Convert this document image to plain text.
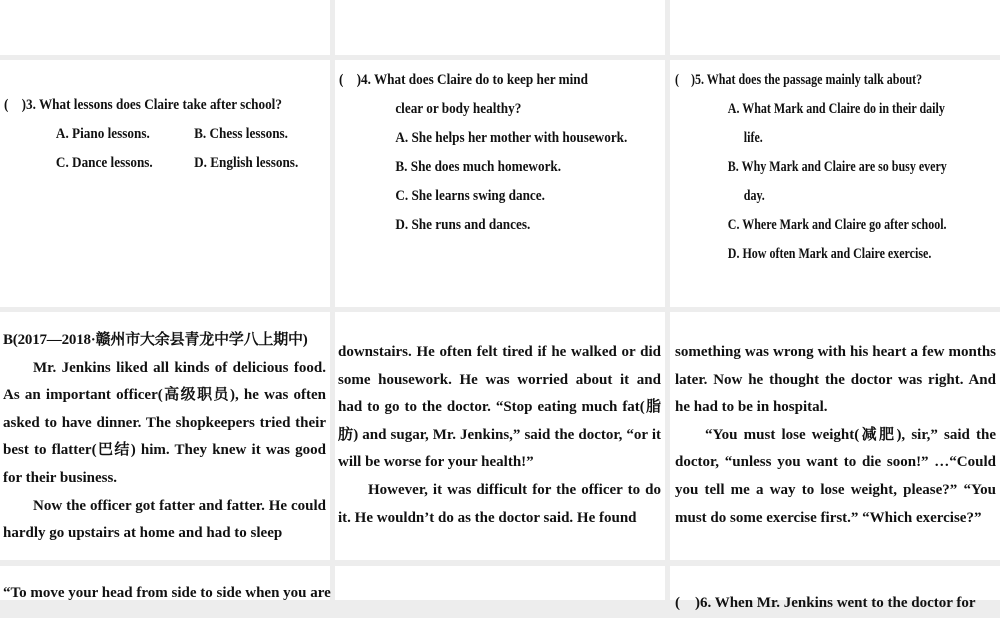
(    )3. What lessons does Claire take after school?
A. Piano lessons.	B. Chess lessons.
C. Dance lessons.	D. English lessons.
(    )4. What does Claire do to keep her mind
clear or body healthy?
A. She helps her mother with housework.
B. She does much homework.
C. She learns swing dance.
D. She runs and dances.
(    )5. What does the passage mainly talk about?
A. What Mark and Claire do in their daily
life.
B. Why Mark and Claire are so busy every
day.
C. Where Mark and Claire go after school.
D. How often Mark and Claire exercise.

B(2017—2018·赣州市大余县青龙中学八上期中)

Mr. Jenkins liked all kinds of delicious food. As an important officer(高级职员), he was often asked to have dinner. The shopkeepers tried their best to flatter(巴结) him. They knew it was good for their business.

Now the officer got fatter and fatter. He could hardly go upstairs at home and had to sleep

downstairs. He often felt tired if he walked or did some housework. He was worried about it and had to go to the doctor. “Stop eating much fat(脂肪) and sugar, Mr. Jenkins,” said the doctor, “or it will be worse for your health!”

However, it was difficult for the officer to do it. He wouldn’t do as the doctor said. He found

something was wrong with his heart a few months later. Now he thought the doctor was right. And he had to be in hospital.

“You must lose weight(减肥), sir,” said the doctor, “unless you want to die soon!” …“Could you tell me a way to lose weight, please?” “You must do some exercise first.” “Which exercise?”

“To move your head from side to side when you are
(    )6. When Mr. Jenkins went to the doctor for
